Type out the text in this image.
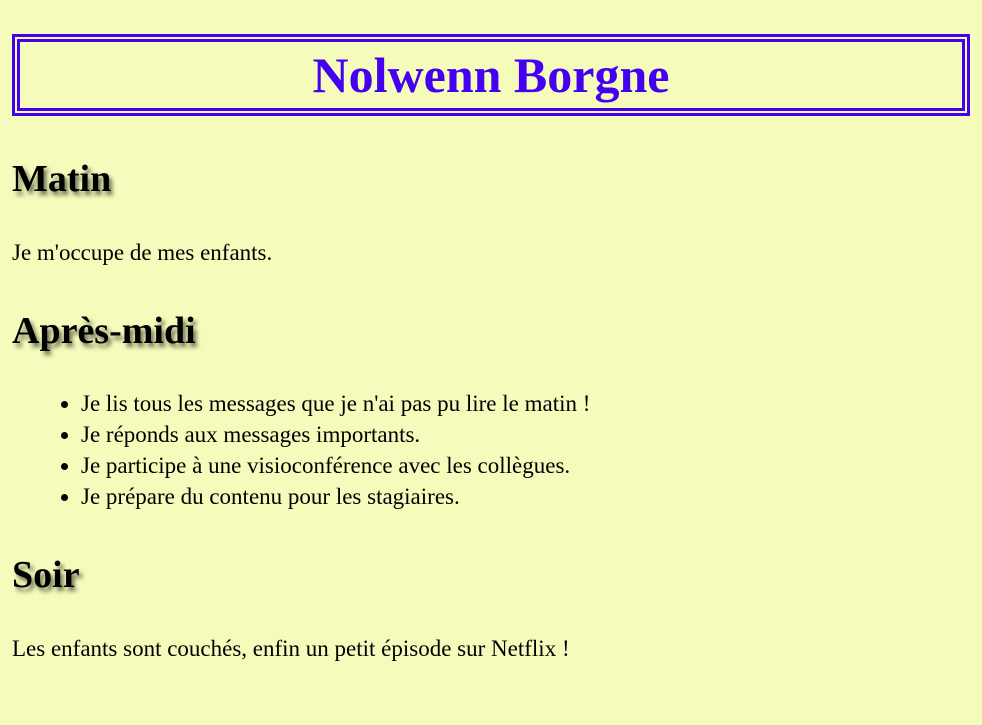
Nolwenn Borgne
Matin

Je m'occupe de mes enfants.

Après-midi
• Je lis tous les messages que je n'ai pas pu lire le matin !
• Je réponds aux messages importants.
• Je participe à une visioconférence avec les collègues.
• Je prépare du contenu pour les stagiaires.
Soir

Les enfants sont couchés, enfin un petit épisode sur Netflix !
